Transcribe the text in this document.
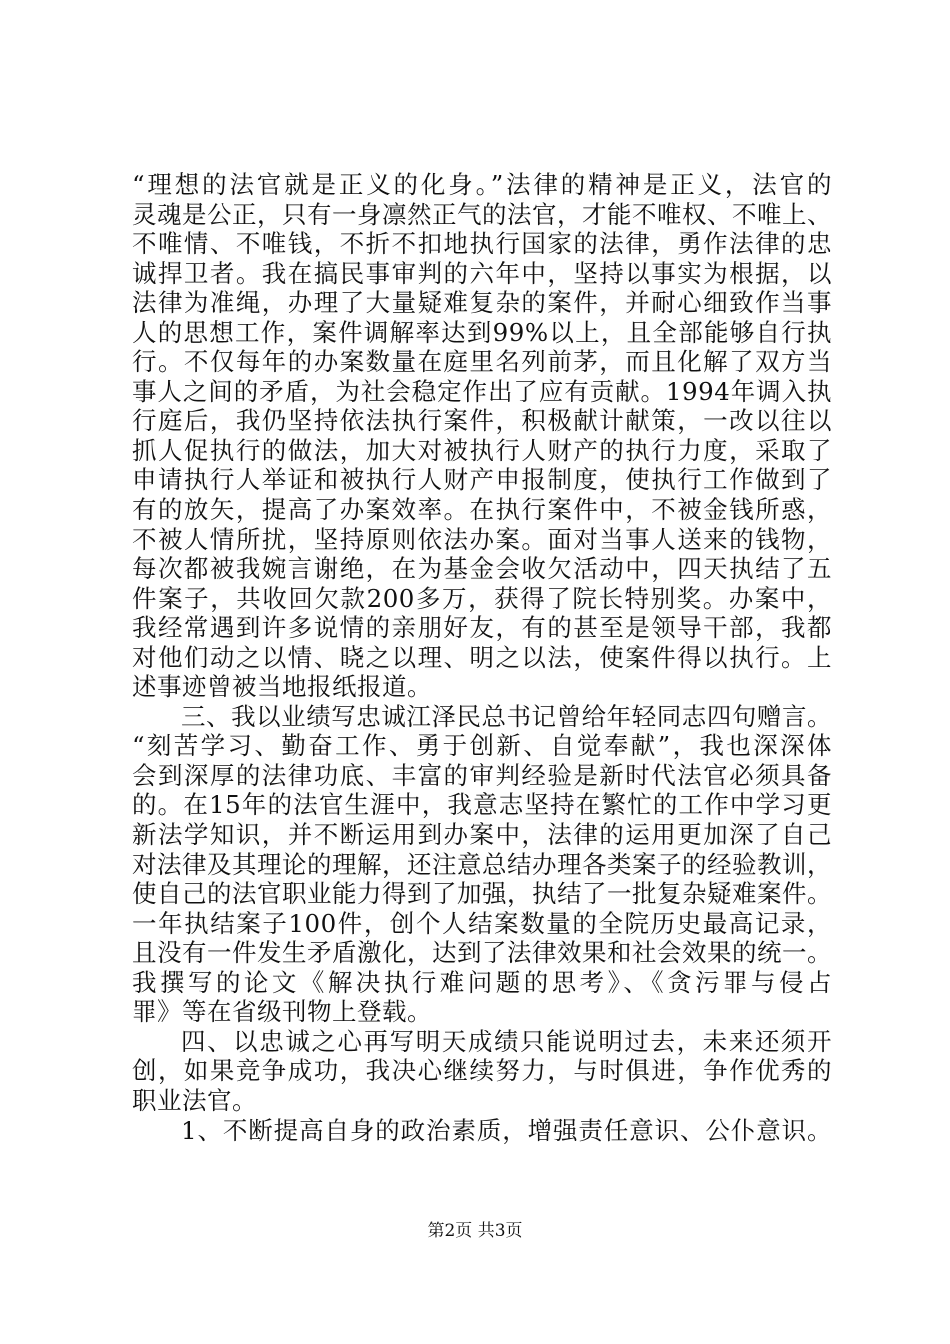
“理想的法官就是正义的化身。”法律的精神是正义，法官的
灵魂是公正，只有一身凛然正气的法官，才能不唯权、不唯上、
不唯情、不唯钱，不折不扣地执行国家的法律，勇作法律的忠
诚捍卫者。我在搞民事审判的六年中，坚持以事实为根据，以
法律为准绳，办理了大量疑难复杂的案件，并耐心细致作当事
人的思想工作，案件调解率达到99%以上，且全部能够自行执
行。不仅每年的办案数量在庭里名列前茅，而且化解了双方当
事人之间的矛盾，为社会稳定作出了应有贡献。1994年调入执
行庭后，我仍坚持依法执行案件，积极献计献策，一改以往以
抓人促执行的做法，加大对被执行人财产的执行力度，采取了
申请执行人举证和被执行人财产申报制度，使执行工作做到了
有的放矢，提高了办案效率。在执行案件中，不被金钱所惑，
不被人情所扰，坚持原则依法办案。面对当事人送来的钱物，
每次都被我婉言谢绝，在为基金会收欠活动中，四天执结了五
件案子，共收回欠款200多万，获得了院长特别奖。办案中，
我经常遇到许多说情的亲朋好友，有的甚至是领导干部，我都
对他们动之以情、晓之以理、明之以法，使案件得以执行。上
述事迹曾被当地报纸报道。
三、我以业绩写忠诚江泽民总书记曾给年轻同志四句赠言。
“刻苦学习、勤奋工作、勇于创新、自觉奉献”，我也深深体
会到深厚的法律功底、丰富的审判经验是新时代法官必须具备
的。在15年的法官生涯中，我意志坚持在繁忙的工作中学习更
新法学知识，并不断运用到办案中，法律的运用更加深了自己
对法律及其理论的理解，还注意总结办理各类案子的经验教训，
使自己的法官职业能力得到了加强，执结了一批复杂疑难案件。
一年执结案子100件，创个人结案数量的全院历史最高记录，
且没有一件发生矛盾激化，达到了法律效果和社会效果的统一。
我撰写的论文《解决执行难问题的思考》、《贪污罪与侵占
罪》等在省级刊物上登载。
四、以忠诚之心再写明天成绩只能说明过去，未来还须开
创，如果竞争成功，我决心继续努力，与时俱进，争作优秀的
职业法官。
1、不断提高自身的政治素质，增强责任意识、公仆意识。
第2页 共3页
